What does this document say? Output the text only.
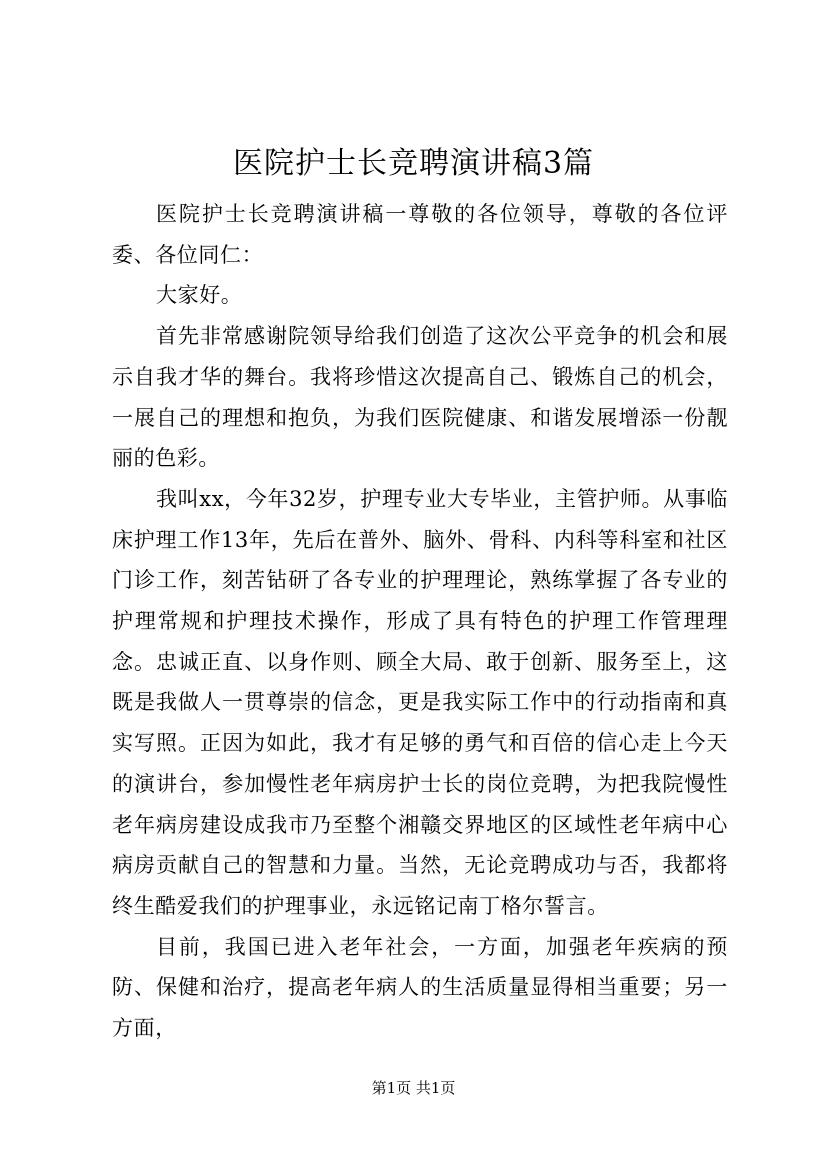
医院护士长竞聘演讲稿3篇

医院护士长竞聘演讲稿一尊敬的各位领导，尊敬的各位评委、各位同仁：

大家好。

首先非常感谢院领导给我们创造了这次公平竞争的机会和展示自我才华的舞台。我将珍惜这次提高自己、锻炼自己的机会，一展自己的理想和抱负，为我们医院健康、和谐发展增添一份靓丽的色彩。

我叫xx，今年32岁，护理专业大专毕业，主管护师。从事临床护理工作13年，先后在普外、脑外、骨科、内科等科室和社区门诊工作，刻苦钻研了各专业的护理理论，熟练掌握了各专业的护理常规和护理技术操作，形成了具有特色的护理工作管理理念。忠诚正直、以身作则、顾全大局、敢于创新、服务至上，这既是我做人一贯尊崇的信念，更是我实际工作中的行动指南和真实写照。正因为如此，我才有足够的勇气和百倍的信心走上今天的演讲台，参加慢性老年病房护士长的岗位竞聘，为把我院慢性老年病房建设成我市乃至整个湘赣交界地区的区域性老年病中心病房贡献自己的智慧和力量。当然，无论竞聘成功与否，我都将终生酷爱我们的护理事业，永远铭记南丁格尔誓言。

目前，我国已进入老年社会，一方面，加强老年疾病的预防、保健和治疗，提高老年病人的生活质量显得相当重要；另一方面，

第1页 共1页
